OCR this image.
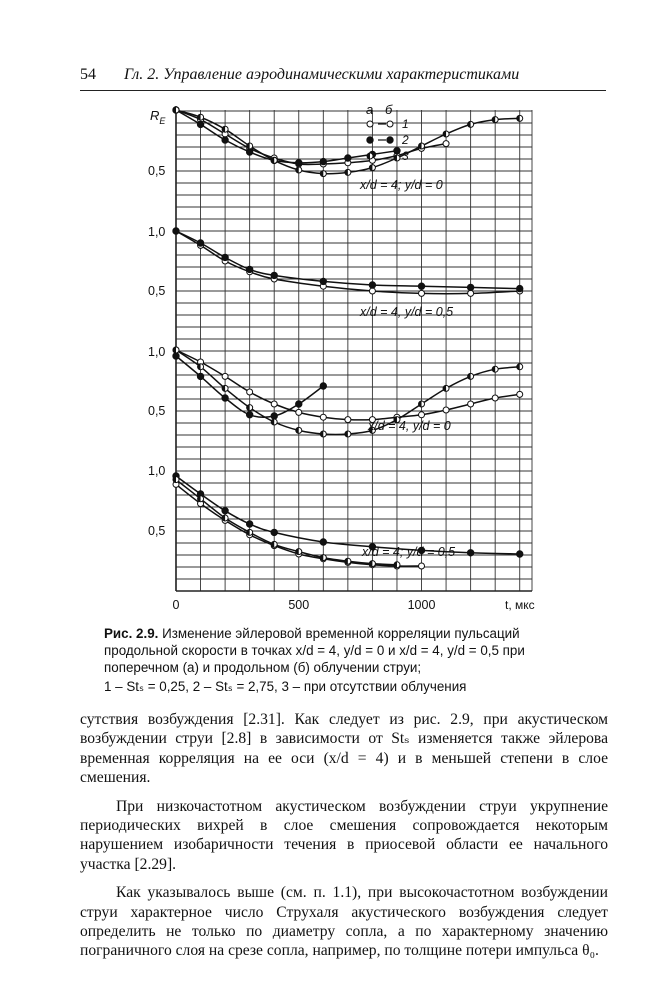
54 Гл. 2. Управление аэродинамическими характеристиками
0,5
1,0
0,5
1,0
0,5
1,0
0,5
$R_E$
0	500	1000	t, мкс
а б
1
2
3
x/d = 4; y/d = 0
x/d = 4, y/d = 0,5
x/d = 4, y/d = 0
x/d = 4; y/d = 0,5

Рис. 2.9. Изменение эйлеровой временной корреляции пульсаций продольной скорости в точках x/d = 4, y/d = 0 и x/d = 4, y/d = 0,5 при поперечном (а) и продольном (б) облучении струи;

1 – Stₛ = 0,25, 2 – Stₛ = 2,75, 3 – при отсутствии облучения

сутствия возбуждения [2.31]. Как следует из рис. 2.9, при акустическом возбуждении струи [2.8] в зависимости от Stₛ изменяется также эйлерова временная корреляция на ее оси (x/d = 4) и в меньшей степени в слое смешения.

При низкочастотном акустическом возбуждении струи укрупнение периодических вихрей в слое смешения сопровождается некоторым нарушением изобаричности течения в приосевой области ее начального участка [2.29].

Как указывалось выше (см. п. 1.1), при высокочастотном возбуждении струи характерное число Струхаля акустического возбуждения следует определить не только по диаметру сопла, а по характерному значению пограничного слоя на срезе сопла, например, по толщине потери импульса θ₀.
